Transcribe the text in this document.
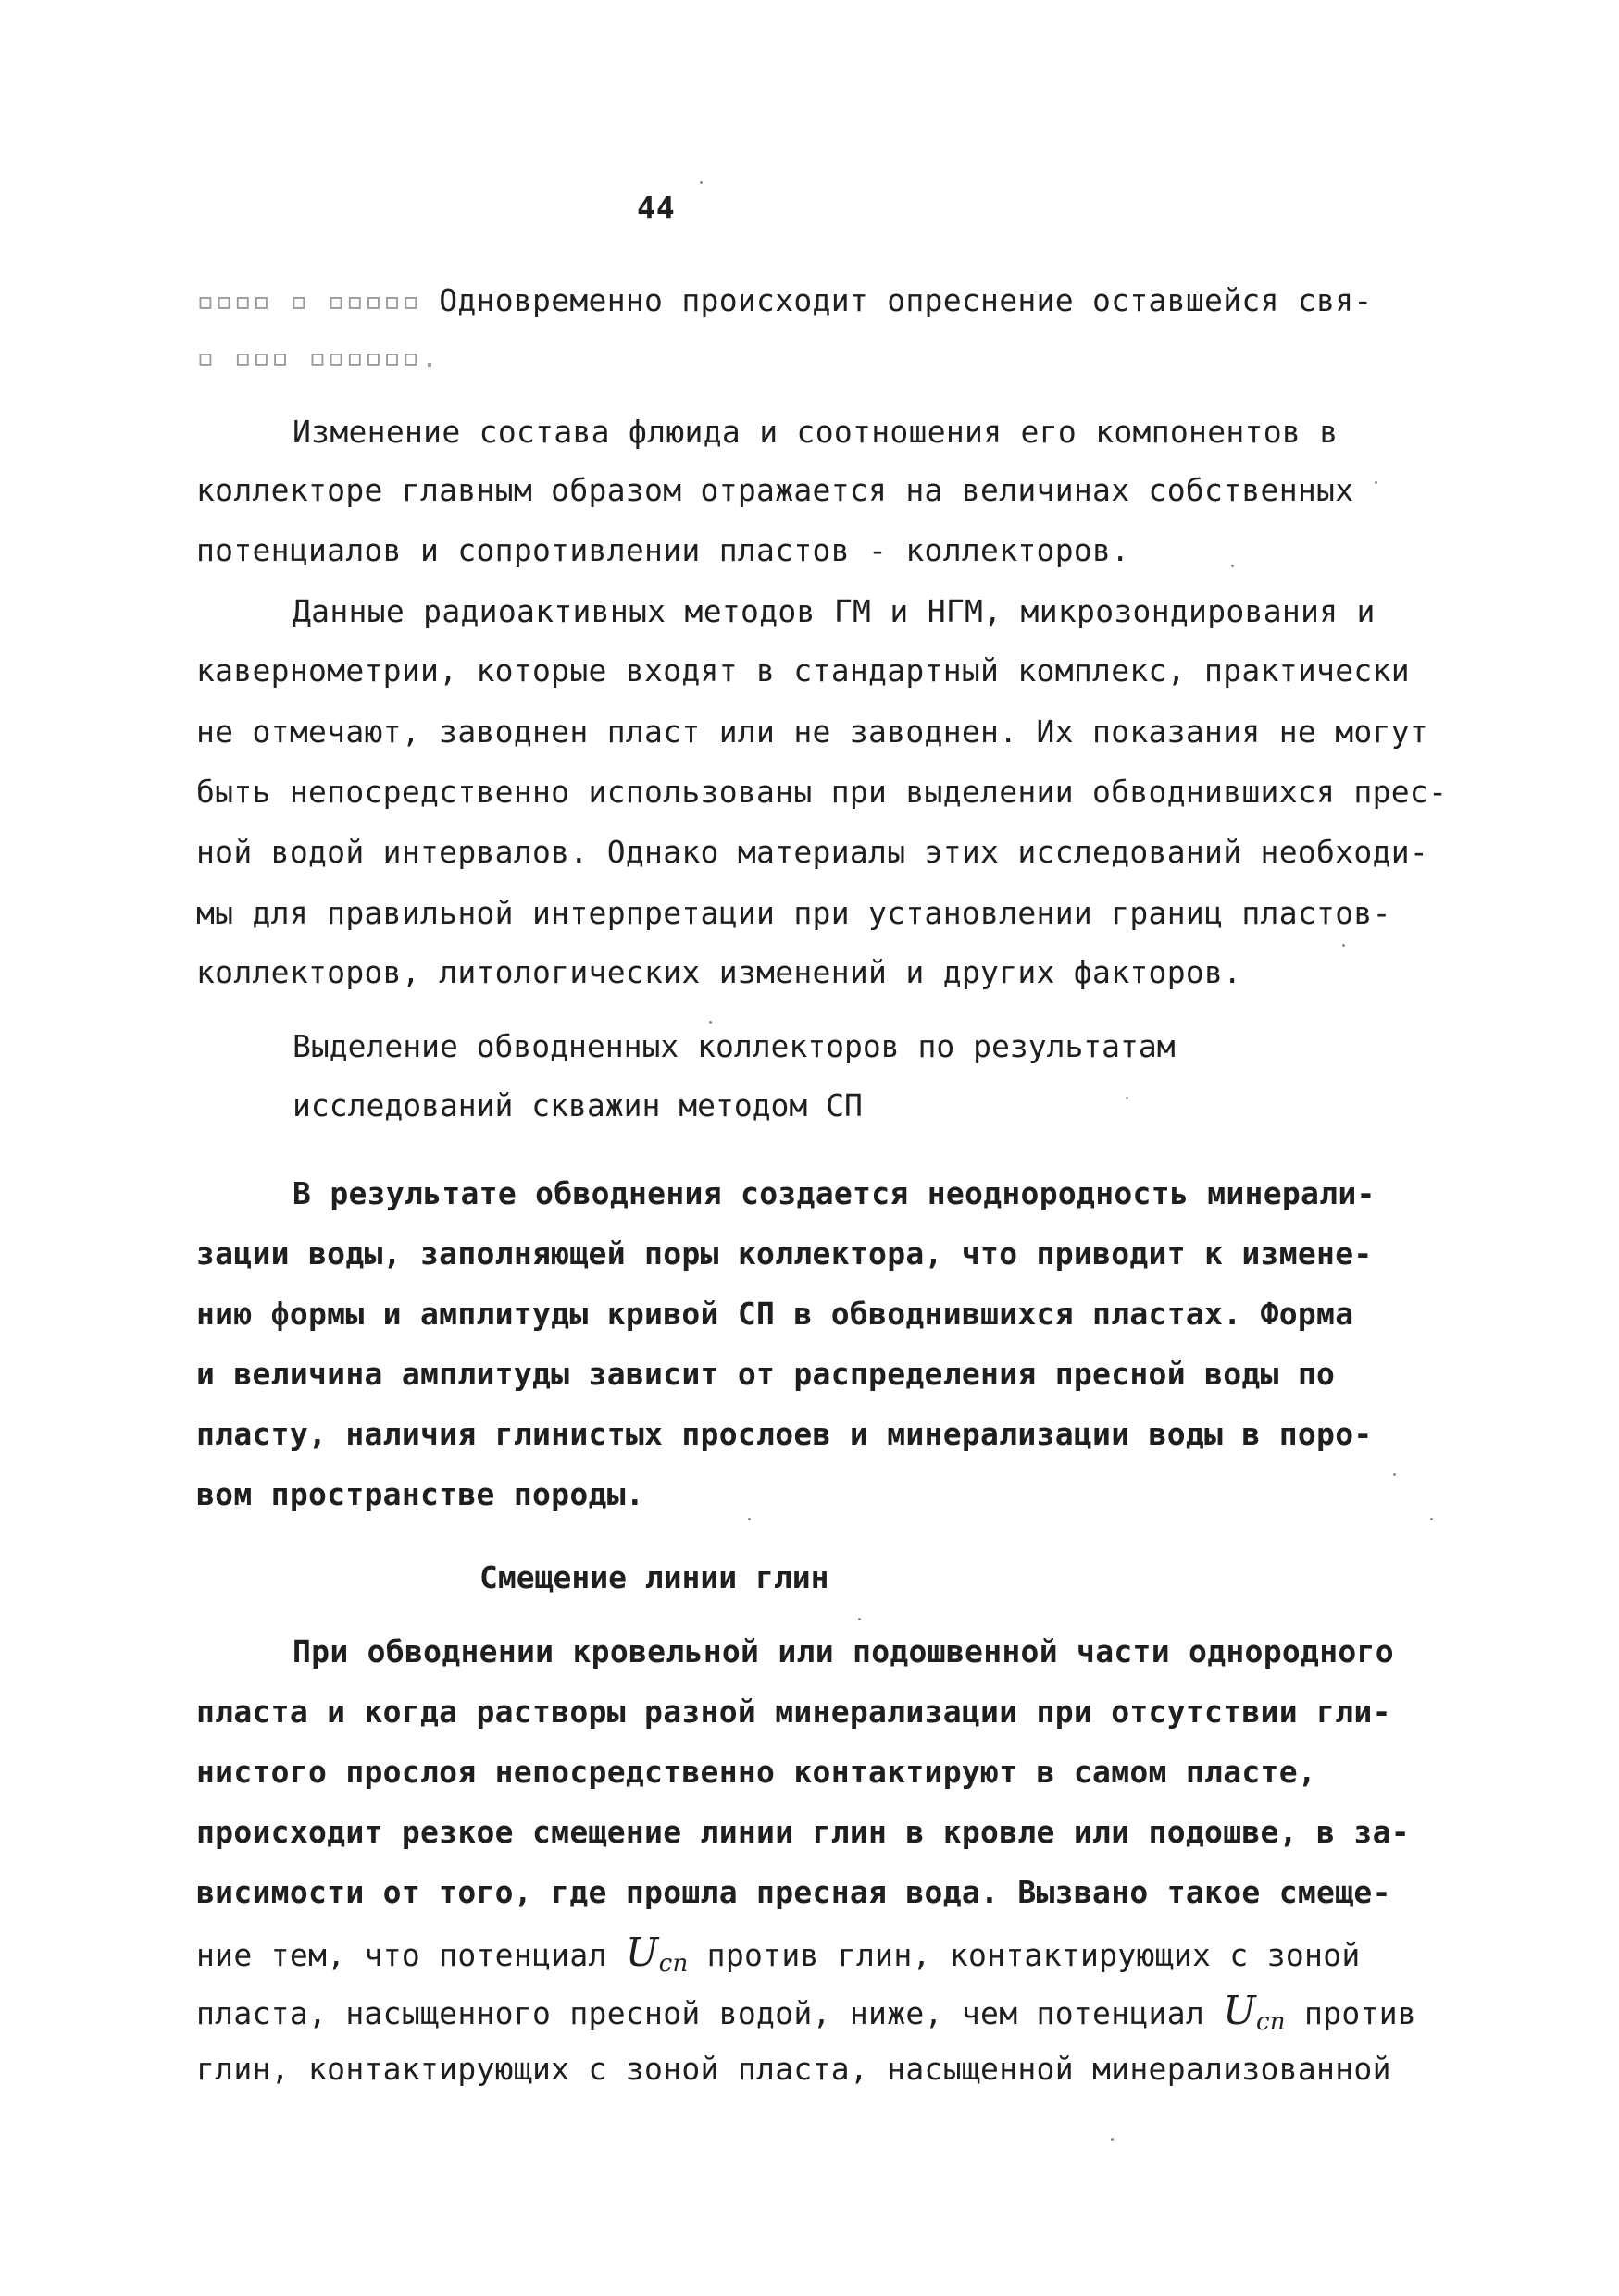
44
▫▫▫▫ ▫ ▫▫▫▫▫ Одновременно происходит опреснение оставшейся свя-
▫ ▫▫▫ ▫▫▫▫▫▫.
Изменение состава флюида и соотношения его компонентов в
коллекторе главным образом отражается на величинах собственных
потенциалов и сопротивлении пластов - коллекторов.
Данные радиоактивных методов ГМ и НГМ, микрозондирования и
кавернометрии, которые входят в стандартный комплекс, практически
не отмечают, заводнен пласт или не заводнен. Их показания не могут
быть непосредственно использованы при выделении обводнившихся прес-
ной водой интервалов. Однако материалы этих исследований необходи-
мы для правильной интерпретации при установлении границ пластов-
коллекторов, литологических изменений и других факторов.
Выделение обводненных коллекторов по результатам
исследований скважин методом СП
В результате обводнения создается неоднородность минерали-
зации воды, заполняющей поры коллектора, что приводит к измене-
нию формы и амплитуды кривой СП в обводнившихся пластах. Форма
и величина амплитуды зависит от распределения пресной воды по
пласту, наличия глинистых прослоев и минерализации воды в поро-
вом пространстве породы.
Смещение линии глин
При обводнении кровельной или подошвенной части однородного
пласта и когда растворы разной минерализации при отсутствии гли-
нистого прослоя непосредственно контактируют в самом пласте,
происходит резкое смещение линии глин в кровле или подошве, в за-
висимости от того, где прошла пресная вода. Вызвано такое смеще-
ние тем, что потенциал $U_{сп}$ против глин, контактирующих с зоной
пласта, насыщенного пресной водой, ниже, чем потенциал $U_{сп}$ против
глин, контактирующих с зоной пласта, насыщенной минерализованной
